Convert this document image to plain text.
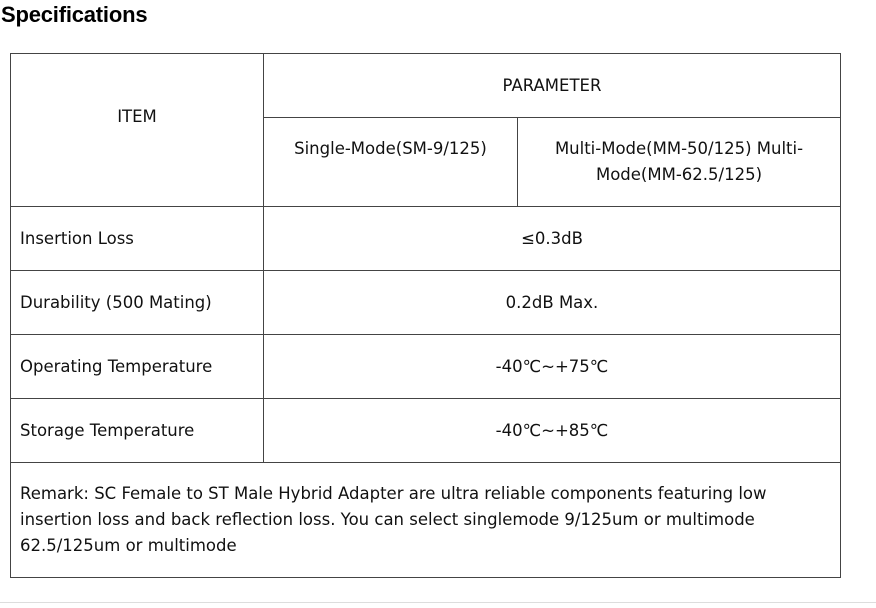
Specifications
ITEM	PARAMETER	
	Single-Mode(SM-9/125)	Multi-Mode(MM-50/125) Multi-Mode(MM-62.5/125)
Insertion Loss	≤0.3dB	
Durability (500 Mating)	0.2dB Max.	
Operating Temperature	-40℃~+75℃	
Storage Temperature	-40℃~+85℃	
Remark: SC Female to ST Male Hybrid Adapter are ultra reliable components featuring low insertion loss and back reflection loss. You can select singlemode 9/125um or multimode 62.5/125um or multimode		
